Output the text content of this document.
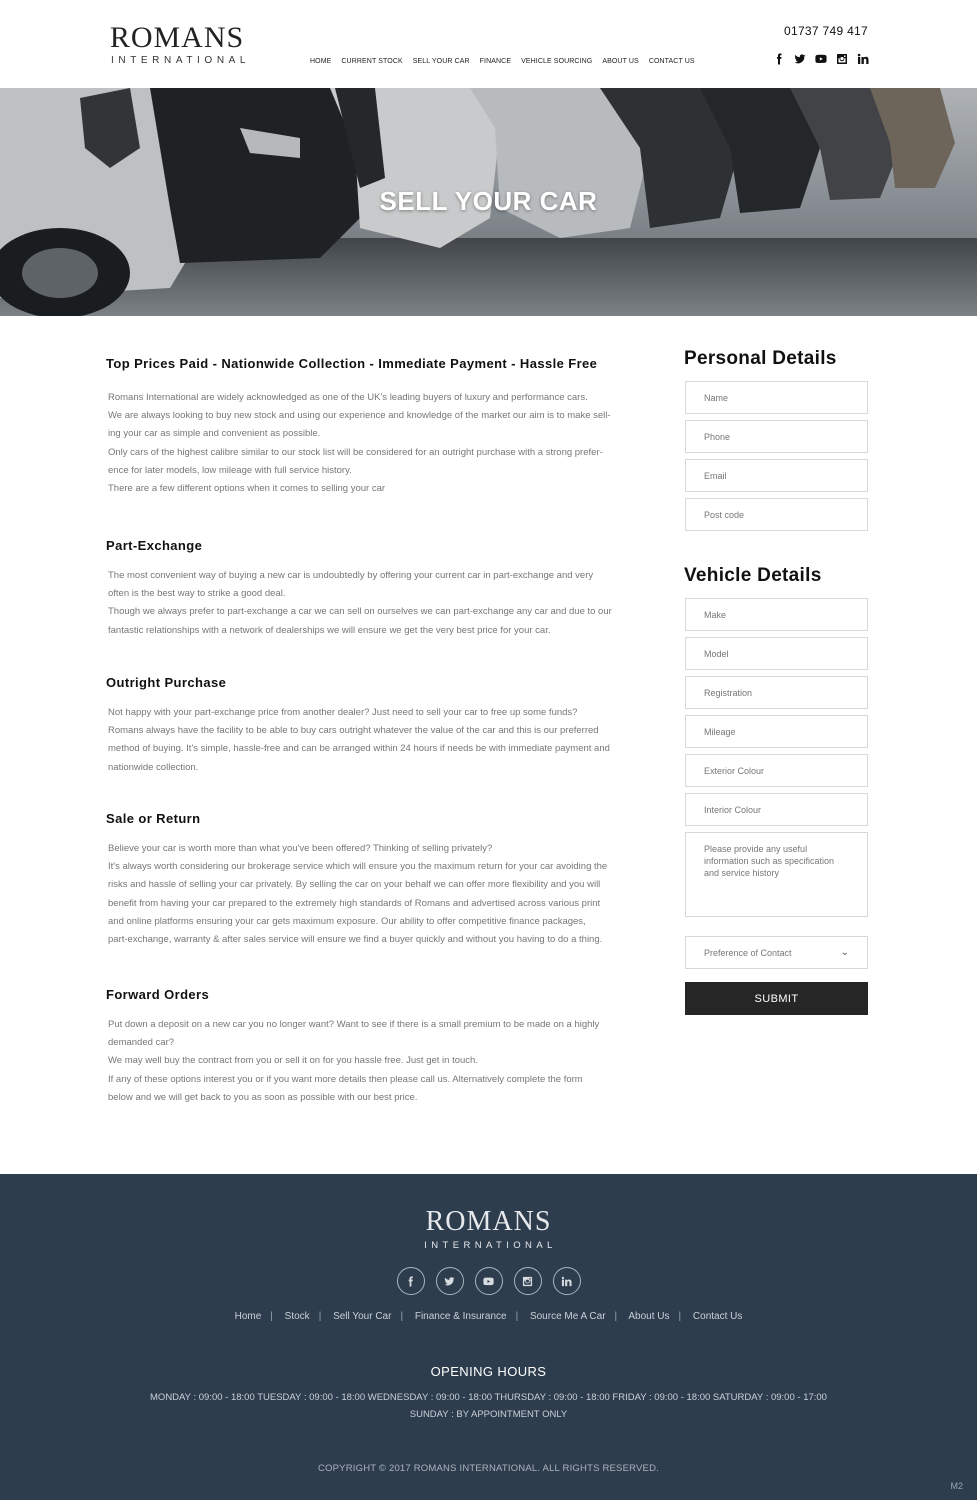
ROMANS
INTERNATIONAL	HOME CURRENT STOCK SELL YOUR CAR FINANCE VEHICLE SOURCING ABOUT US CONTACT US
01737 749 417
SELL YOUR CAR
Top Prices Paid - Nationwide Collection - Immediate Payment - Hassle Free

Romans International are widely acknowledged as one of the UK's leading buyers of luxury and performance cars.

We are always looking to buy new stock and using our experience and knowledge of the market our aim is to make sell-

ing your car as simple and convenient as possible.

Only cars of the highest calibre similar to our stock list will be considered for an outright purchase with a strong prefer-

ence for later models, low mileage with full service history.

There are a few different options when it comes to selling your car

Part-Exchange

The most convenient way of buying a new car is undoubtedly by offering your current car in part-exchange and very

often is the best way to strike a good deal.

Though we always prefer to part-exchange a car we can sell on ourselves we can part-exchange any car and due to our

fantastic relationships with a network of dealerships we will ensure we get the very best price for your car.

Outright Purchase

Not happy with your part-exchange price from another dealer? Just need to sell your car to free up some funds?

Romans always have the facility to be able to buy cars outright whatever the value of the car and this is our preferred

method of buying. It's simple, hassle-free and can be arranged within 24 hours if needs be with immediate payment and

nationwide collection.

Sale or Return

Believe your car is worth more than what you've been offered? Thinking of selling privately?

It's always worth considering our brokerage service which will ensure you the maximum return for your car avoiding the

risks and hassle of selling your car privately. By selling the car on your behalf we can offer more flexibility and you will

benefit from having your car prepared to the extremely high standards of Romans and advertised across various print

and online platforms ensuring your car gets maximum exposure. Our ability to offer competitive finance packages,

part-exchange, warranty & after sales service will ensure we find a buyer quickly and without you having to do a thing.

Forward Orders

Put down a deposit on a new car you no longer want? Want to see if there is a small premium to be made on a highly

demanded car?

We may well buy the contract from you or sell it on for you hassle free. Just get in touch.

If any of these options interest you or if you want more details then please call us. Alternatively complete the form

below and we will get back to you as soon as possible with our best price.

Personal Details
Name
Phone
Email
Post code
Vehicle Details
Make
Model
Registration
Mileage
Exterior Colour
Interior Colour
Please provide any useful information such as specification and service history
Preference of Contact	⌄
SUBMIT
ROMANS
INTERNATIONAL
Home | Stock | Sell Your Car | Finance & Insurance | Source Me A Car | About Us | Contact Us
OPENING HOURS
MONDAY : 09:00 - 18:00 TUESDAY : 09:00 - 18:00 WEDNESDAY : 09:00 - 18:00 THURSDAY : 09:00 - 18:00 FRIDAY : 09:00 - 18:00 SATURDAY : 09:00 - 17:00
SUNDAY : BY APPOINTMENT ONLY
COPYRIGHT © 2017 ROMANS INTERNATIONAL. ALL RIGHTS RESERVED.
M2
